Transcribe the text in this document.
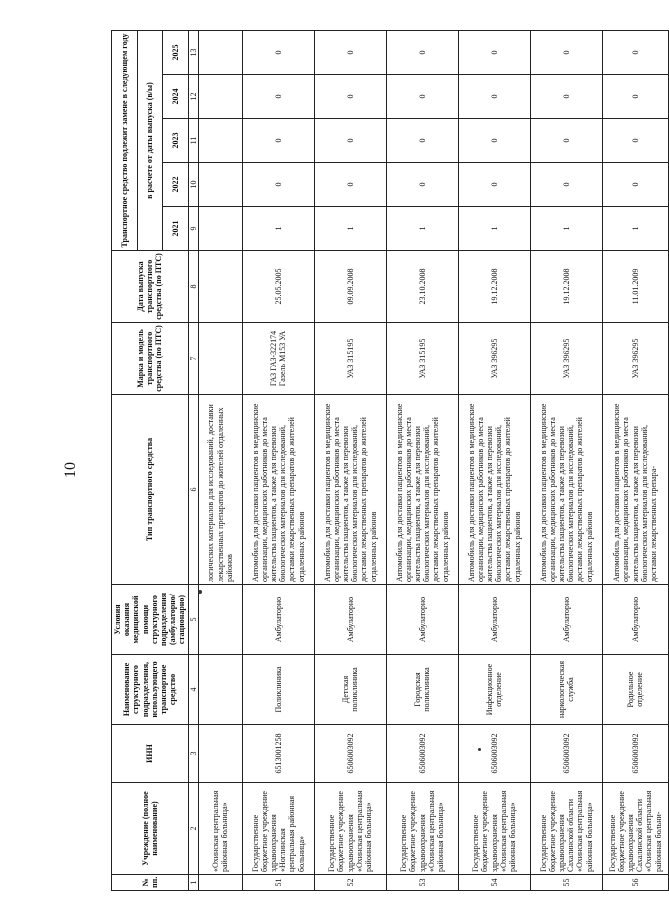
10
№ пп.	Учреждение (полное наименование)	ИНН	Наименование структурного подразделения, использующего транспортное средство	Условия оказания медицинской помощи структурного подразделения (амбулаторно/ стационарно)	Тип транспортного средства	Марка и модель транспортного средства (по ПТС)	Дата выпуска транспортного средства (по ПТС)	Транспортное средство подлежит замене в следующем году				
								в расчете от даты выпуска (в/ы)				
								2021	2022	2023	2024	2025
1	2	3	4	5	6	7	8	9	10	11	12	13
	«Охинская центральная районная больница»				логических материалов для исследований, доставки лекарственных препаратов до жителей отдаленных районов							
51	Государственное бюджетное учреждение здравоохранения «Ноглинская центральная районная больница»	6513001258	Поликлиника	Амбулаторно	Автомобиль для доставки пациентов в медицинские организации, медицинских работников до места жительства пациентов, а также для перевозки биологических материалов для исследований, доставки лекарственных препаратов до жителей отдаленных районов	ГАЗ ГАЗ-322174 Газель М153 УА	25.05.2005	1	0	0	0	0
52	Государственное бюджетное учреждение здравоохранения «Охинская центральная районная больница»	6506003092	Детская поликлиника	Амбулаторно	Автомобиль для доставки пациентов в медицинские организации, медицинских работников до места жительства пациентов, а также для перевозки биологических материалов для исследований, доставки лекарственных препаратов до жителей отдаленных районов	УАЗ 315195	09.09.2008	1	0	0	0	0
53	Государственное бюджетное учреждение здравоохранения «Охинская центральная районная больница»	6506003092	Городская поликлиника	Амбулаторно	Автомобиль для доставки пациентов в медицинские организации, медицинских работников до места жительства пациентов, а также для перевозки биологических материалов для исследований, доставки лекарственных препаратов до жителей отдаленных районов	УАЗ 315195	23.10.2008	1	0	0	0	0
54	Государственное бюджетное учреждение здравоохранения «Охинская центральная районная больница»	6506003092	Инфекционное отделение	Амбулаторно	Автомобиль для доставки пациентов в медицинские организации, медицинских работников до места жительства пациентов, а также для перевозки биологических материалов для исследований, доставки лекарственных препаратов до жителей отдаленных районов	УАЗ 396295	19.12.2008	1	0	0	0	0
55	Государственное бюджетное учреждение здравоохранения Сахалинской области «Охинская центральная районная больница»	6506003092	наркологическая служба	Амбулаторно	Автомобиль для доставки пациентов в медицинские организации, медицинских работников до места жительства пациентов, а также для перевозки биологических материалов для исследований, доставки лекарственных препаратов до жителей отдаленных районов	УАЗ 396295	19.12.2008	1	0	0	0	0
56	Государственное бюджетное учреждение здравоохранения Сахалинской области «Охинская центральная районная больни-	6506003092	Родильное отделение	Амбулаторно	Автомобиль для доставки пациентов в медицинские организации, медицинских работников до места жительства пациентов, а также для перевозки биологических материалов для исследований, доставки лекарственных препара-	УАЗ 396295	11.01.2009	1	0	0	0	0
